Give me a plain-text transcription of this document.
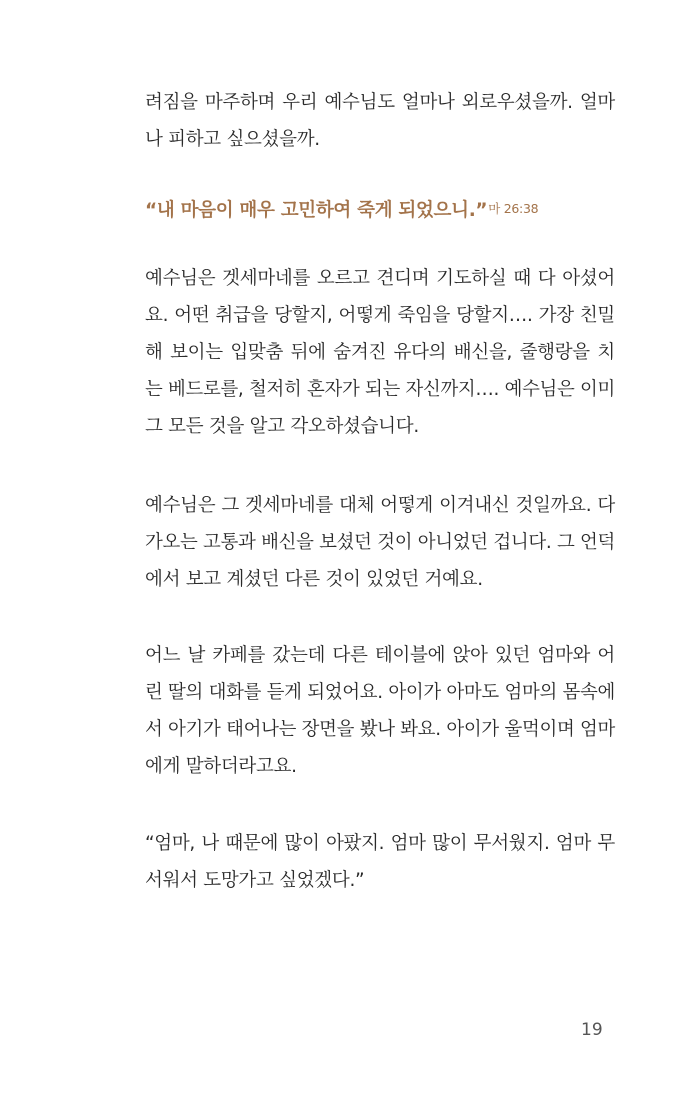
려짐을 마주하며 우리 예수님도 얼마나 외로우셨을까. 얼마
나 피하고 싶으셨을까.

“내 마음이 매우 고민하여 죽게 되었으니.”마 26:38

예수님은 겟세마네를 오르고 견디며 기도하실 때 다 아셨어
요. 어떤 취급을 당할지, 어떻게 죽임을 당할지…. 가장 친밀
해 보이는 입맞춤 뒤에 숨겨진 유다의 배신을, 줄행랑을 치
는 베드로를, 철저히 혼자가 되는 자신까지…. 예수님은 이미
그 모든 것을 알고 각오하셨습니다.

예수님은 그 겟세마네를 대체 어떻게 이겨내신 것일까요. 다
가오는 고통과 배신을 보셨던 것이 아니었던 겁니다. 그 언덕
에서 보고 계셨던 다른 것이 있었던 거예요.

어느 날 카페를 갔는데 다른 테이블에 앉아 있던 엄마와 어
린 딸의 대화를 듣게 되었어요. 아이가 아마도 엄마의 몸속에
서 아기가 태어나는 장면을 봤나 봐요. 아이가 울먹이며 엄마
에게 말하더라고요.

“엄마, 나 때문에 많이 아팠지. 엄마 많이 무서웠지. 엄마 무
서워서 도망가고 싶었겠다.”

19
